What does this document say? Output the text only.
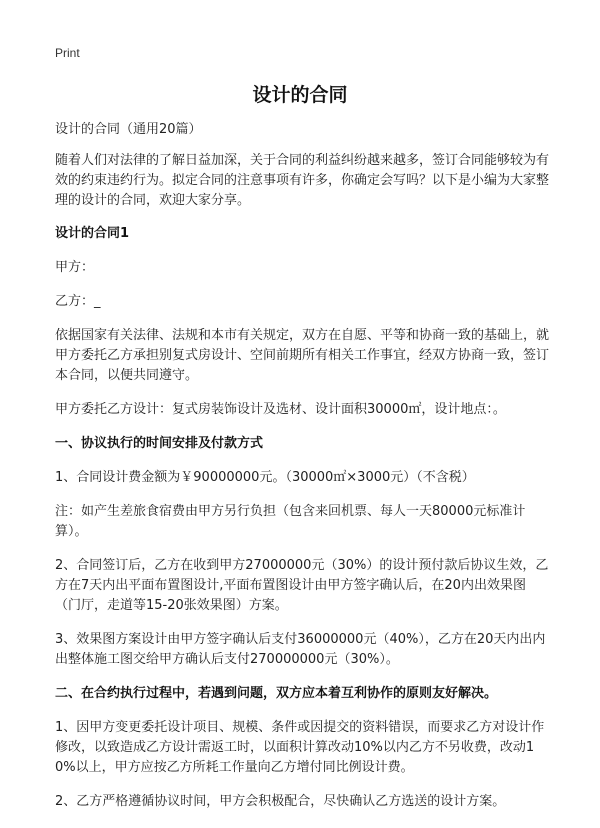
Print
设计的合同

设计的合同（通用20篇）

随着人们对法律的了解日益加深，关于合同的利益纠纷越来越多，签订合同能够较为有效的约束违约行为。拟定合同的注意事项有许多，你确定会写吗？以下是小编为大家整理的设计的合同，欢迎大家分享。

设计的合同1

甲方：

乙方：_

依据国家有关法律、法规和本市有关规定，双方在自愿、平等和协商一致的基础上，就甲方委托乙方承担别复式房设计、空间前期所有相关工作事宜，经双方协商一致，签订本合同，以便共同遵守。

甲方委托乙方设计：复式房装饰设计及选材、设计面积30000㎡，设计地点：。

一、协议执行的时间安排及付款方式

1、合同设计费金额为￥90000000元。（30000㎡×3000元）（不含税）

注：如产生差旅食宿费由甲方另行负担（包含来回机票、每人一天80000元标准计算）。

2、合同签订后，乙方在收到甲方27000000元（30%）的设计预付款后协议生效，乙方在7天内出平面布置图设计,平面布置图设计由甲方签字确认后，在20内出效果图（门厅，走道等15-20张效果图）方案。

3、效果图方案设计由甲方签字确认后支付36000000元（40%），乙方在20天内出内出整体施工图交给甲方确认后支付270000000元（30%）。

二、在合约执行过程中，若遇到问题，双方应本着互利协作的原则友好解决。

1、因甲方变更委托设计项目、规模、条件或因提交的资料错误，而要求乙方对设计作修改，以致造成乙方设计需返工时，以面积计算改动10%以内乙方不另收费，改动10%以上，甲方应按乙方所耗工作量向乙方增付同比例设计费。

2、乙方严格遵循协议时间，甲方会积极配合，尽快确认乙方选送的设计方案。
